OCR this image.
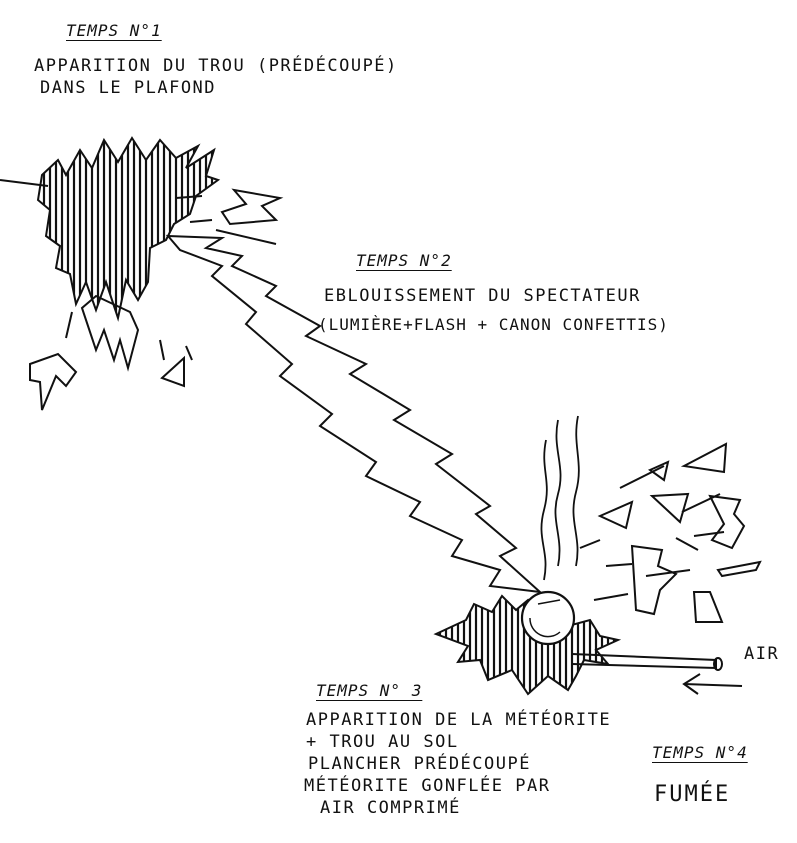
TEMPS N°1
APPARITION DU TROU (PRÉDÉCOUPÉ)
DANS LE PLAFOND
TEMPS N°2
EBLOUISSEMENT DU SPECTATEUR
(LUMIÈRE+FLASH + CANON CONFETTIS)
TEMPS N° 3
APPARITION DE LA MÉTÉORITE
+ TROU AU SOL
PLANCHER PRÉDÉCOUPÉ
MÉTÉORITE GONFLÉE PAR
AIR COMPRIMÉ
TEMPS N°4
FUMÉE
AIR
